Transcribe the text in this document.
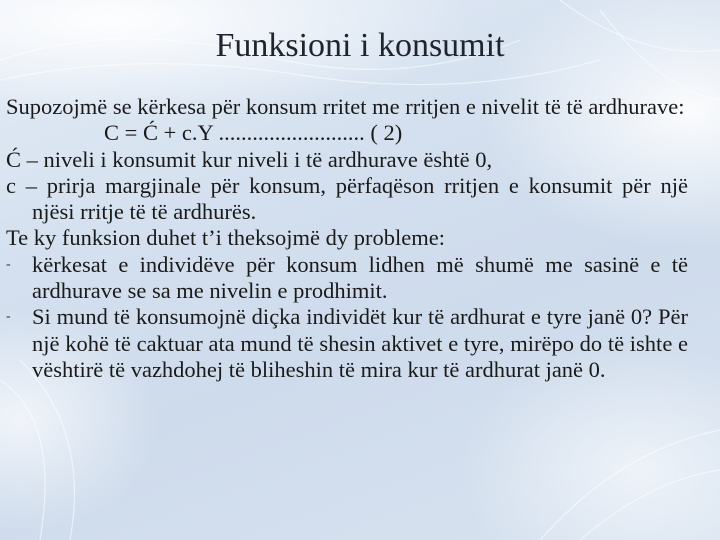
Funksioni i konsumit

Supozojmë se kërkesa për konsum rritet me rritjen e nivelit të të ardhurave:

C = Ć + c.Y .......................... ( 2)

Ć – niveli i konsumit kur niveli i të ardhurave është 0,

c – prirja margjinale për konsum, përfaqëson rritjen e konsumit për një njësi rritje të të ardhurës.

Te ky funksion duhet t’i theksojmë dy probleme:

- kërkesat e individëve për konsum lidhen më shumë me sasinë e të ardhurave se sa me nivelin e prodhimit.
- Si mund të konsumojnë diçka individët kur të ardhurat e tyre janë 0? Për një kohë të caktuar ata mund të shesin aktivet e tyre, mirëpo do të ishte e vështirë të vazhdohej të bliheshin të mira kur të ardhurat janë 0.
